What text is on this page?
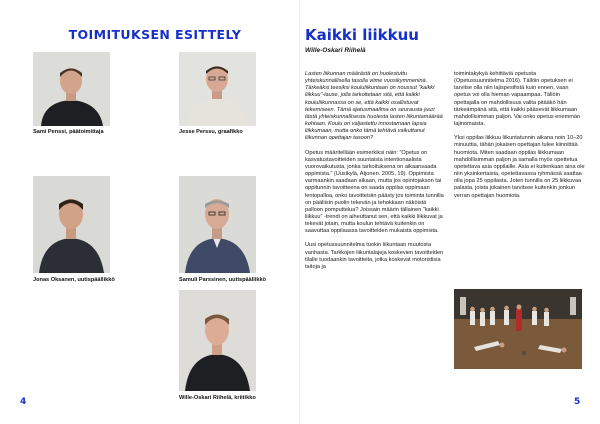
TOIMITUKSEN ESITTELY
Sami Penssi, päätoimittaja	Jesse Perssu, graafikko
Jonas Oksanen, uutispäällikkö	Samuli Parssinen, uutispäällikkö
Wille-Oskari Riihelä, kriitikko
4
Kaikki liikkuu
Wille-Oskari Riihelä

Lasten liikunnan määrästä on huolestuttu yhteiskunnallisella tasolla viime vuosikymmeninä. Tärkeäksi teesiksi koululiikuntaan on noussut ”kaikki liikkuu”-lause, jolla tarkoitetaan sitä, että kaikki koululiikunnassa on se, että kaikki osallistuvat tekemiseen. Tämä ajatusmaailma on seurausta juuri tästä yhteiskunnallisesta huolesta lasten liikuntamäärää kohtaan. Koulu on valjastettu innostamaan lapsia liikkumaan, mutta onko tämä tehtävä vaikuttanut liikunnan opettajan tasoon?

Opetus määritellään esimerkiksi näin: ”Opetus on kasvatustavoitteiden suuntaista intentionaalista vuorovaikutusta, jonka tarkoituksena on aikaansaada oppimista.” (Uusikylä, Atjonen. 2005, 19). Oppimista varmaankin saadaan aikaan, mutta jos opintojakson tai oppitunnin tavoitteena on saada oppilas oppimaan lentopalloa, onko tavoitteisiin päästy jos toiminta tunnilla on pääliisin puolin tekevän ja tehokkaan näköistä palloon pomputtelua? Joissain määrin tällainen ”kaikki liikkuu” -trendi on aiheuttanut sen, että kaikki liikkuvat ja tekevät jotain, mutta koulun tehtävä kuitenkin on saavuttaa oppilaassa tavoitteiden mukaista oppimista.

Uusi opetussuunnitelma tuokin liikuntaan muutosta vanhasta. Tarkkojen liikuntalajeja koskevien tavoitteiden tilalle tuodaankin tavoitteita, jotka koskevat motoristisia taitoja ja

toimintakykyä kehittäviä opetusta (Opetussuunnitelma 2016). Tällöin opetuksen ei tarvitse olla niin lajispesifistä kuin ennen, vaan opetus voi olla hieman vapaampaa. Tällöin opettajalla on mahdollisuus valita pitääkö hän tärkeämpänä sitä, että kaikki pääsevät liikkumaan mahdollisimman paljon. Vai onko opetus enemmän lajinomaista.

Yksi oppilas liikkuu liikuntatunnin aikana noin 10–20 minuuttia, tähän jokaisen opettajan tulee kiinnittää huomiota. Miten saadaan oppilas liikkumaan mahdollisimman paljon ja samalla myös opettetua opetettava asia oppilaille. Asia ei kuitenkaan aina ole niin yksinkertaista, opetettavassa ryhmässä saattaa olla jopa 25 oppilasta. Joten tunnilla on 25 liikkuvaa palasta, joista jokainen tarvitsee kuitenkin jonkun verran opettajan huomiota.

5
